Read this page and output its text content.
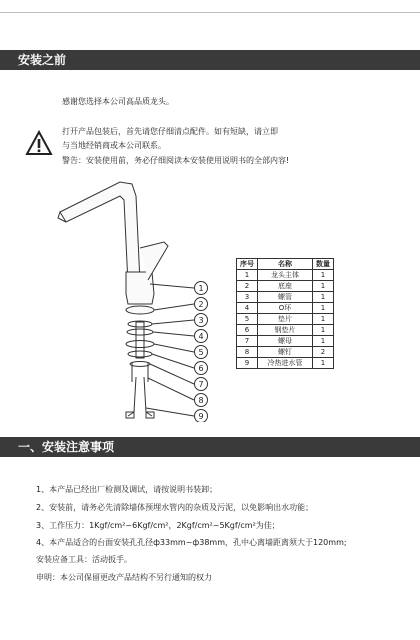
安装之前
感谢您选择本公司高品质龙头。
打开产品包装后，首先请您仔细清点配件。如有短缺，请立即
与当地经销商或本公司联系。
警告：安装使用前，务必仔细阅读本安装使用说明书的全部内容!
1
2
3
4
5
6
7
8
9
序号	名称	数量
1	龙头主体	1
2	底座	1
3	螺管	1
4	O环	1
5	垫片	1
6	钢垫片	1
7	螺母	1
8	螺钉	2
9	冷热进水管	1
一、安装注意事项
1、本产品已经出厂检测及调试，请按说明书装卸；
2、安装前，请务必先清除墙体预埋水管内的杂质及污泥，以免影响出水功能；
3、工作压力：1Kgf/cm²~6Kgf/cm²，2Kgf/cm²~5Kgf/cm²为佳；
4、本产品适合的台面安装孔孔径ф33mm~ф38mm，孔中心离墙距离须大于120mm;
安装应备工具：活动扳手。
申明：本公司保留更改产品结构不另行通知的权力
